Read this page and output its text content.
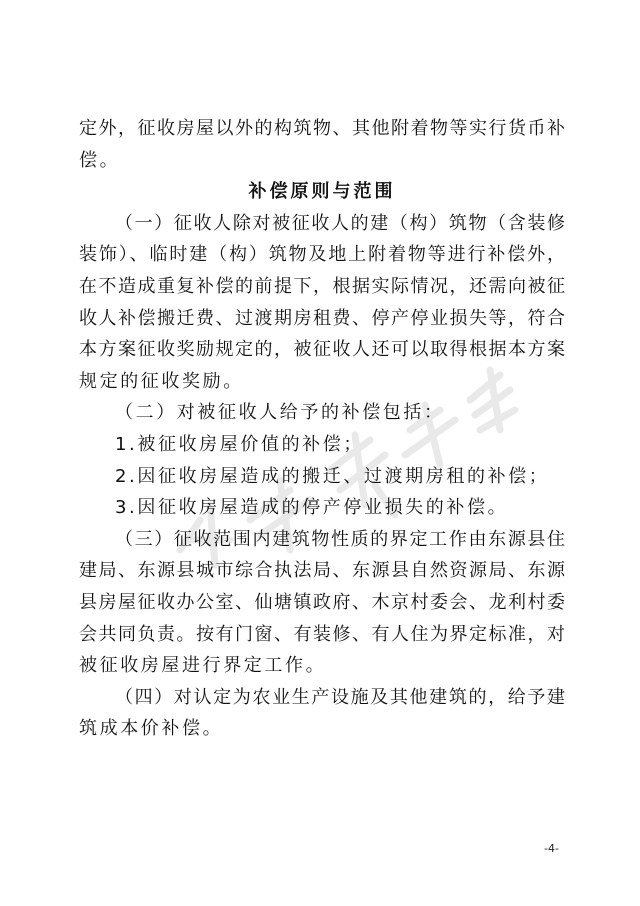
定外，征收房屋以外的构筑物、其他附着物等实行货币补
偿。
补偿原则与范围
（一）征收人除对被征收人的建（构）筑物（含装修
装饰）、临时建（构）筑物及地上附着物等进行补偿外，
在不造成重复补偿的前提下，根据实际情况，还需向被征
收人补偿搬迁费、过渡期房租费、停产停业损失等，符合
本方案征收奖励规定的，被征收人还可以取得根据本方案
规定的征收奖励。
（二）对被征收人给予的补偿包括：
1.被征收房屋价值的补偿；
2.因征收房屋造成的搬迁、过渡期房租的补偿；
3.因征收房屋造成的停产停业损失的补偿。
（三）征收范围内建筑物性质的界定工作由东源县住
建局、东源县城市综合执法局、东源县自然资源局、东源
县房屋征收办公室、仙塘镇政府、木京村委会、龙利村委
会共同负责。按有门窗、有装修、有人住为界定标准，对
被征收房屋进行界定工作。
（四）对认定为农业生产设施及其他建筑的，给予建
筑成本价补偿。
-4-
